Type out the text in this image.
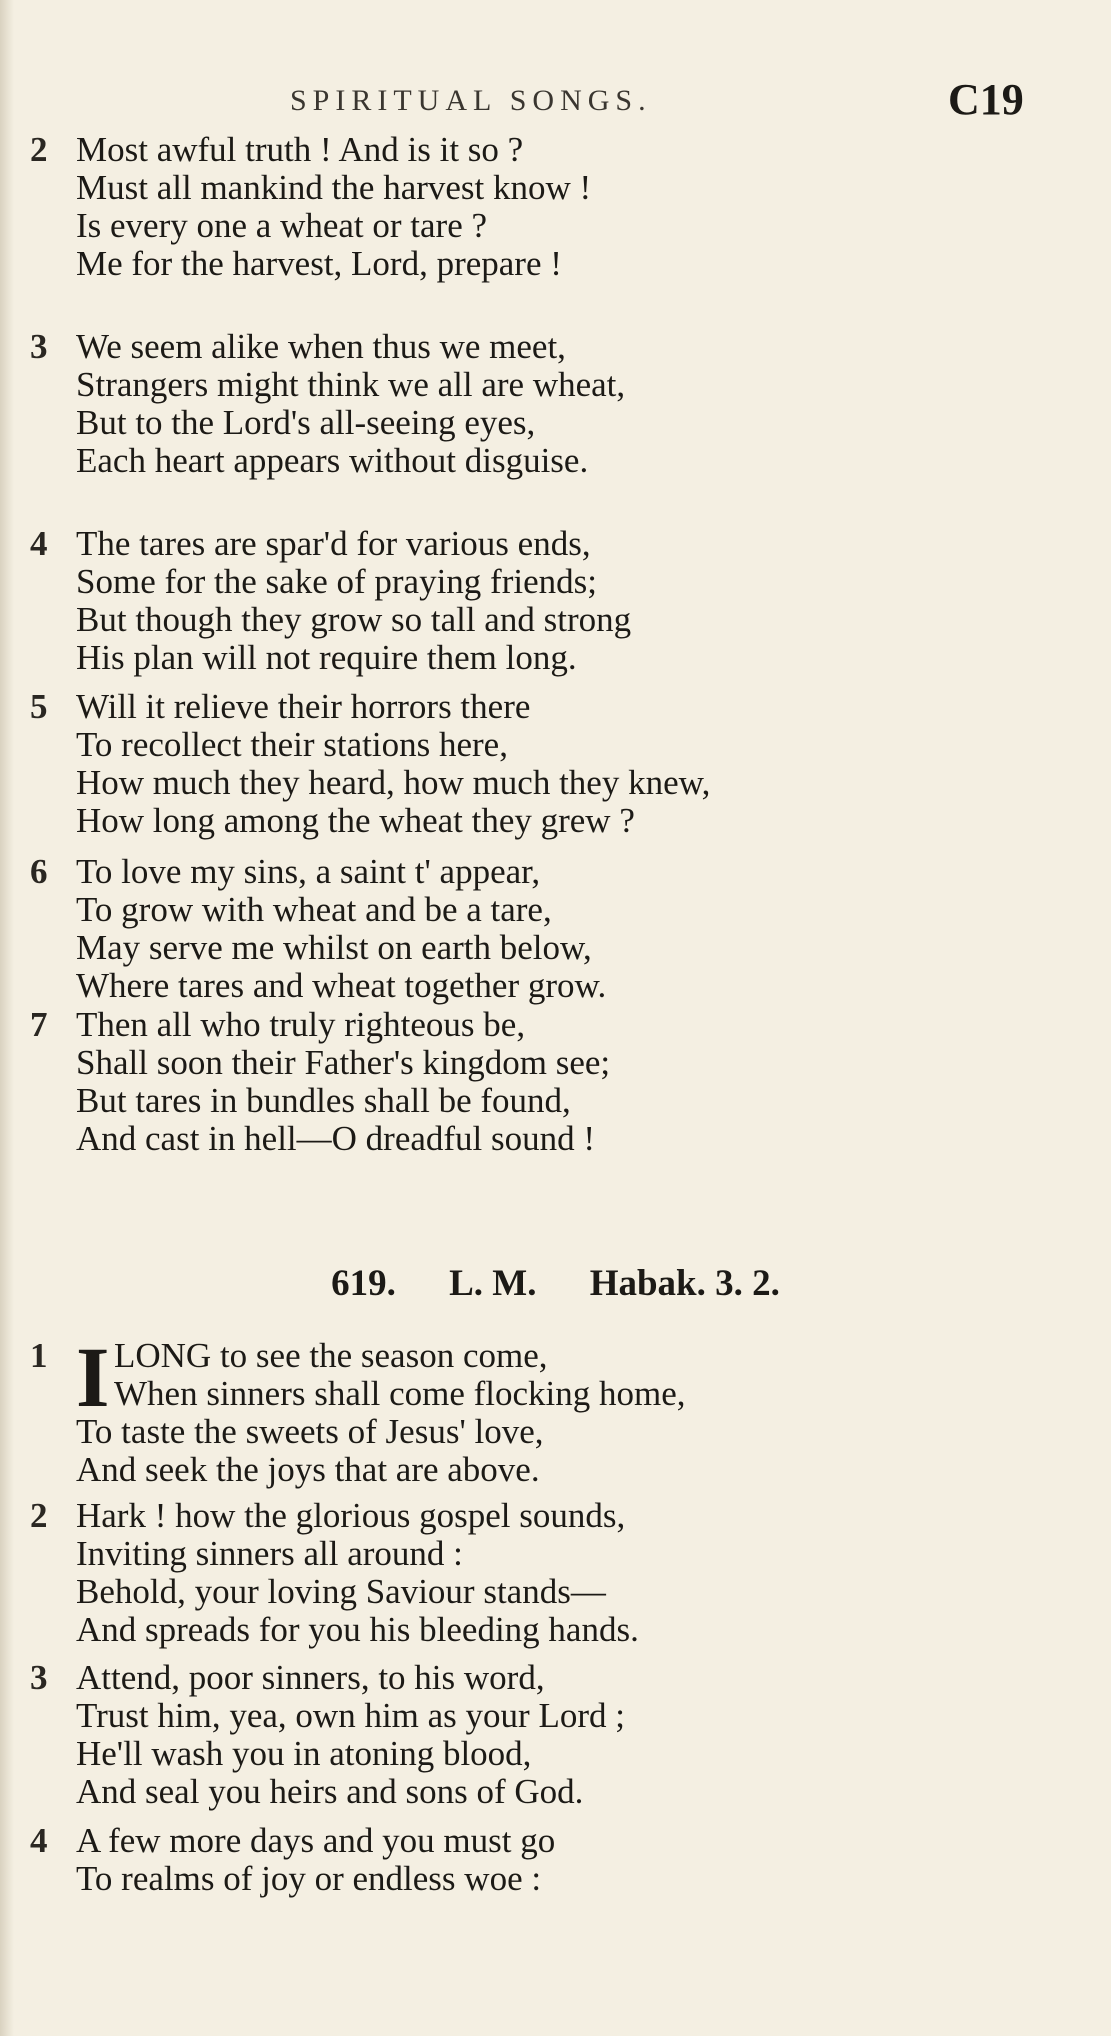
SPIRITUAL SONGS.	C19
2 Most awful truth ! And is it so ?
Must all mankind the harvest know !
Is every one a wheat or tare ?
Me for the harvest, Lord, prepare !
3 We seem alike when thus we meet,
Strangers might think we all are wheat,
But to the Lord's all-seeing eyes,
Each heart appears without disguise.
4 The tares are spar'd for various ends,
Some for the sake of praying friends;
But though they grow so tall and strong
His plan will not require them long.
5 Will it relieve their horrors there
To recollect their stations here,
How much they heard, how much they knew,
How long among the wheat they grew ?
6 To love my sins, a saint t' appear,
To grow with wheat and be a tare,
May serve me whilst on earth below,
Where tares and wheat together grow.
7 Then all who truly righteous be,
Shall soon their Father's kingdom see;
But tares in bundles shall be found,
And cast in hell—O dreadful sound !
619. L. M. Habak. 3. 2.
1 I LONG to see the season come,
When sinners shall come flocking home,
To taste the sweets of Jesus' love,
And seek the joys that are above.
2 Hark ! how the glorious gospel sounds,
Inviting sinners all around :
Behold, your loving Saviour stands—
And spreads for you his bleeding hands.
3 Attend, poor sinners, to his word,
Trust him, yea, own him as your Lord ;
He'll wash you in atoning blood,
And seal you heirs and sons of God.
4 A few more days and you must go
To realms of joy or endless woe :
